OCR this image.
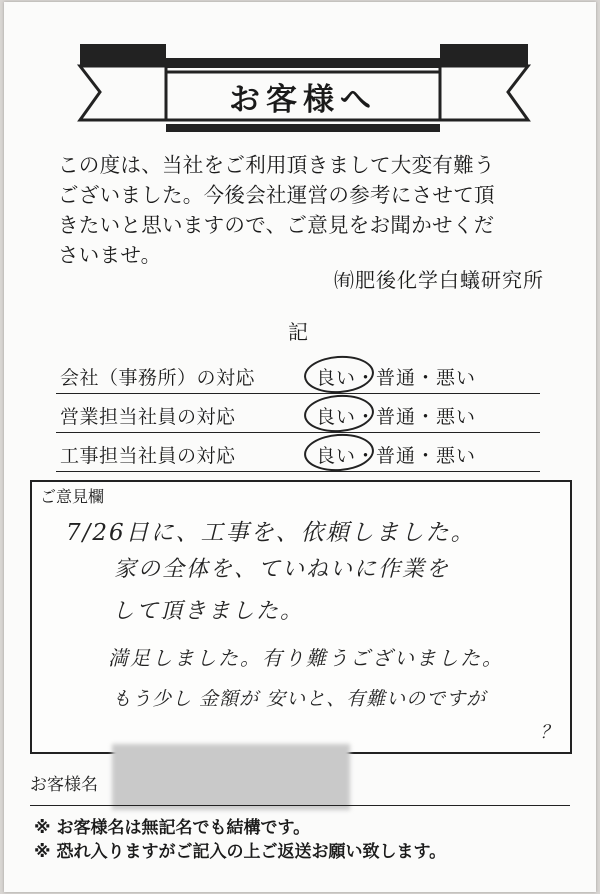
お客様へ

この度は、当社をご利用頂きまして大変有難う

ございました。今後会社運営の参考にさせて頂

きたいと思いますので、ご意見をお聞かせくだ

さいませ。

㈲肥後化学白蟻研究所
記
会社（事務所）の対応	良い・普通・悪い
営業担当社員の対応	良い・普通・悪い
工事担当社員の対応	良い・普通・悪い
ご意見欄
7/26日に、工事を、依頼しました。
家の全体を、ていねいに作業を
して頂きました。
満足しました。有り難うございました。
もう少し 金額が 安いと、有難いのですが
？
お客様名
※ お客様名は無記名でも結構です。
※ 恐れ入りますがご記入の上ご返送お願い致します。
